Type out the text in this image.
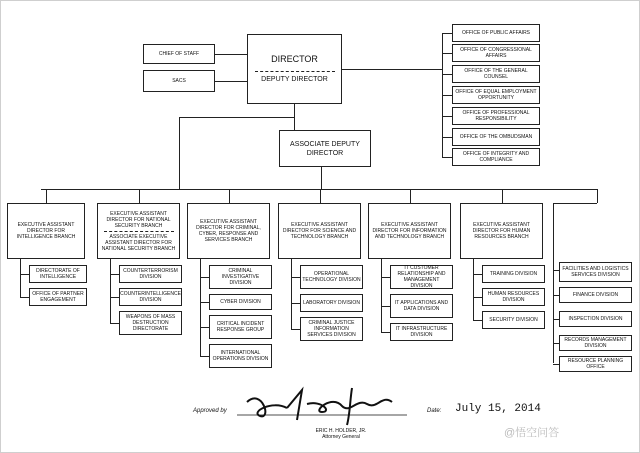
CHIEF OF STAFF
SACS
DIRECTOR
DEPUTY DIRECTOR
OFFICE OF PUBLIC AFFAIRS
OFFICE OF CONGRESSIONAL AFFAIRS
OFFICE OF THE GENERAL COUNSEL
OFFICE OF EQUAL EMPLOYMENT OPPORTUNITY
OFFICE OF PROFESSIONAL RESPONSIBILITY
OFFICE OF THE OMBUDSMAN
OFFICE OF INTEGRITY AND COMPLIANCE
ASSOCIATE DEPUTY DIRECTOR
EXECUTIVE ASSISTANT DIRECTOR FOR INTELLIGENCE BRANCH
DIRECTORATE OF INTELLIGENCE
OFFICE OF PARTNER ENGAGEMENT
EXECUTIVE ASSISTANT DIRECTOR FOR NATIONAL SECURITY BRANCH
ASSOCIATE EXECUTIVE ASSISTANT DIRECTOR FOR NATIONAL SECURITY BRANCH
COUNTERTERRORISM DIVISION
COUNTERINTELLIGENCE DIVISION
WEAPONS OF MASS DESTRUCTION DIRECTORATE
EXECUTIVE ASSISTANT DIRECTOR FOR CRIMINAL, CYBER, RESPONSE AND SERVICES BRANCH
CRIMINAL INVESTIGATIVE DIVISION
CYBER DIVISION
CRITICAL INCIDENT RESPONSE GROUP
INTERNATIONAL OPERATIONS DIVISION
EXECUTIVE ASSISTANT DIRECTOR FOR SCIENCE AND TECHNOLOGY BRANCH
OPERATIONAL TECHNOLOGY DIVISION
LABORATORY DIVISION
CRIMINAL JUSTICE INFORMATION SERVICES DIVISION
EXECUTIVE ASSISTANT DIRECTOR FOR INFORMATION AND TECHNOLOGY BRANCH
IT CUSTOMER RELATIONSHIP AND MANAGEMENT DIVISION
IT APPLICATIONS AND DATA DIVISION
IT INFRASTRUCTURE DIVISION
EXECUTIVE ASSISTANT DIRECTOR FOR HUMAN RESOURCES BRANCH
TRAINING DIVISION
HUMAN RESOURCES DIVISION
SECURITY DIVISION
FACILITIES AND LOGISTICS SERVICES DIVISION
FINANCE DIVISION
INSPECTION DIVISION
RECORDS MANAGEMENT DIVISION
RESOURCE PLANNING OFFICE
Approved by
ERIC H. HOLDER, JR.
Attorney General
Date: July 15, 2014
@悟空问答
